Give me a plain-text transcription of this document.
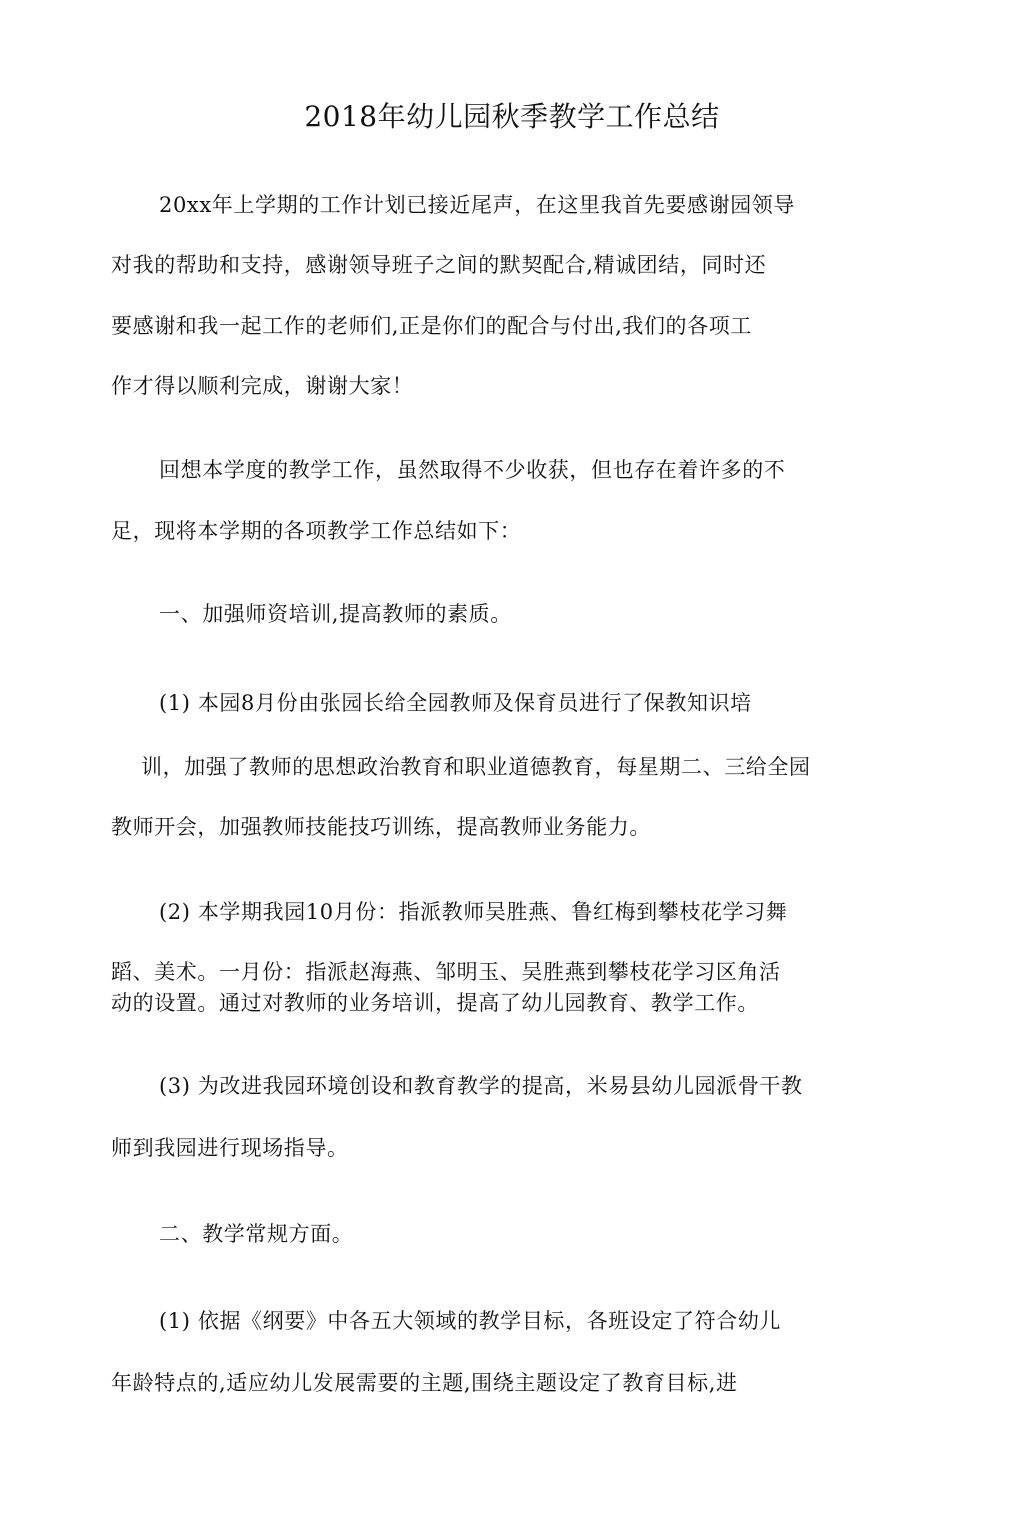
2018年幼儿园秋季教学工作总结
20xx年上学期的工作计划已接近尾声，在这里我首先要感谢园领导
对我的帮助和支持，感谢领导班子之间的默契配合,精诚团结，同时还
要感谢和我一起工作的老师们,正是你们的配合与付出,我们的各项工
作才得以顺利完成，谢谢大家！
回想本学度的教学工作，虽然取得不少收获，但也存在着许多的不
足，现将本学期的各项教学工作总结如下：
一、加强师资培训,提高教师的素质。
(1) 本园8月份由张园长给全园教师及保育员进行了保教知识培
训，加强了教师的思想政治教育和职业道德教育，每星期二、三给全园
教师开会，加强教师技能技巧训练，提高教师业务能力。
(2) 本学期我园10月份：指派教师吴胜燕、鲁红梅到攀枝花学习舞
蹈、美术。一月份：指派赵海燕、邹明玉、吴胜燕到攀枝花学习区角活
动的设置。通过对教师的业务培训，提高了幼儿园教育、教学工作。
(3) 为改进我园环境创设和教育教学的提高，米易县幼儿园派骨干教
师到我园进行现场指导。
二、教学常规方面。
(1) 依据《纲要》中各五大领域的教学目标，各班设定了符合幼儿
年龄特点的,适应幼儿发展需要的主题,围绕主题设定了教育目标,进
